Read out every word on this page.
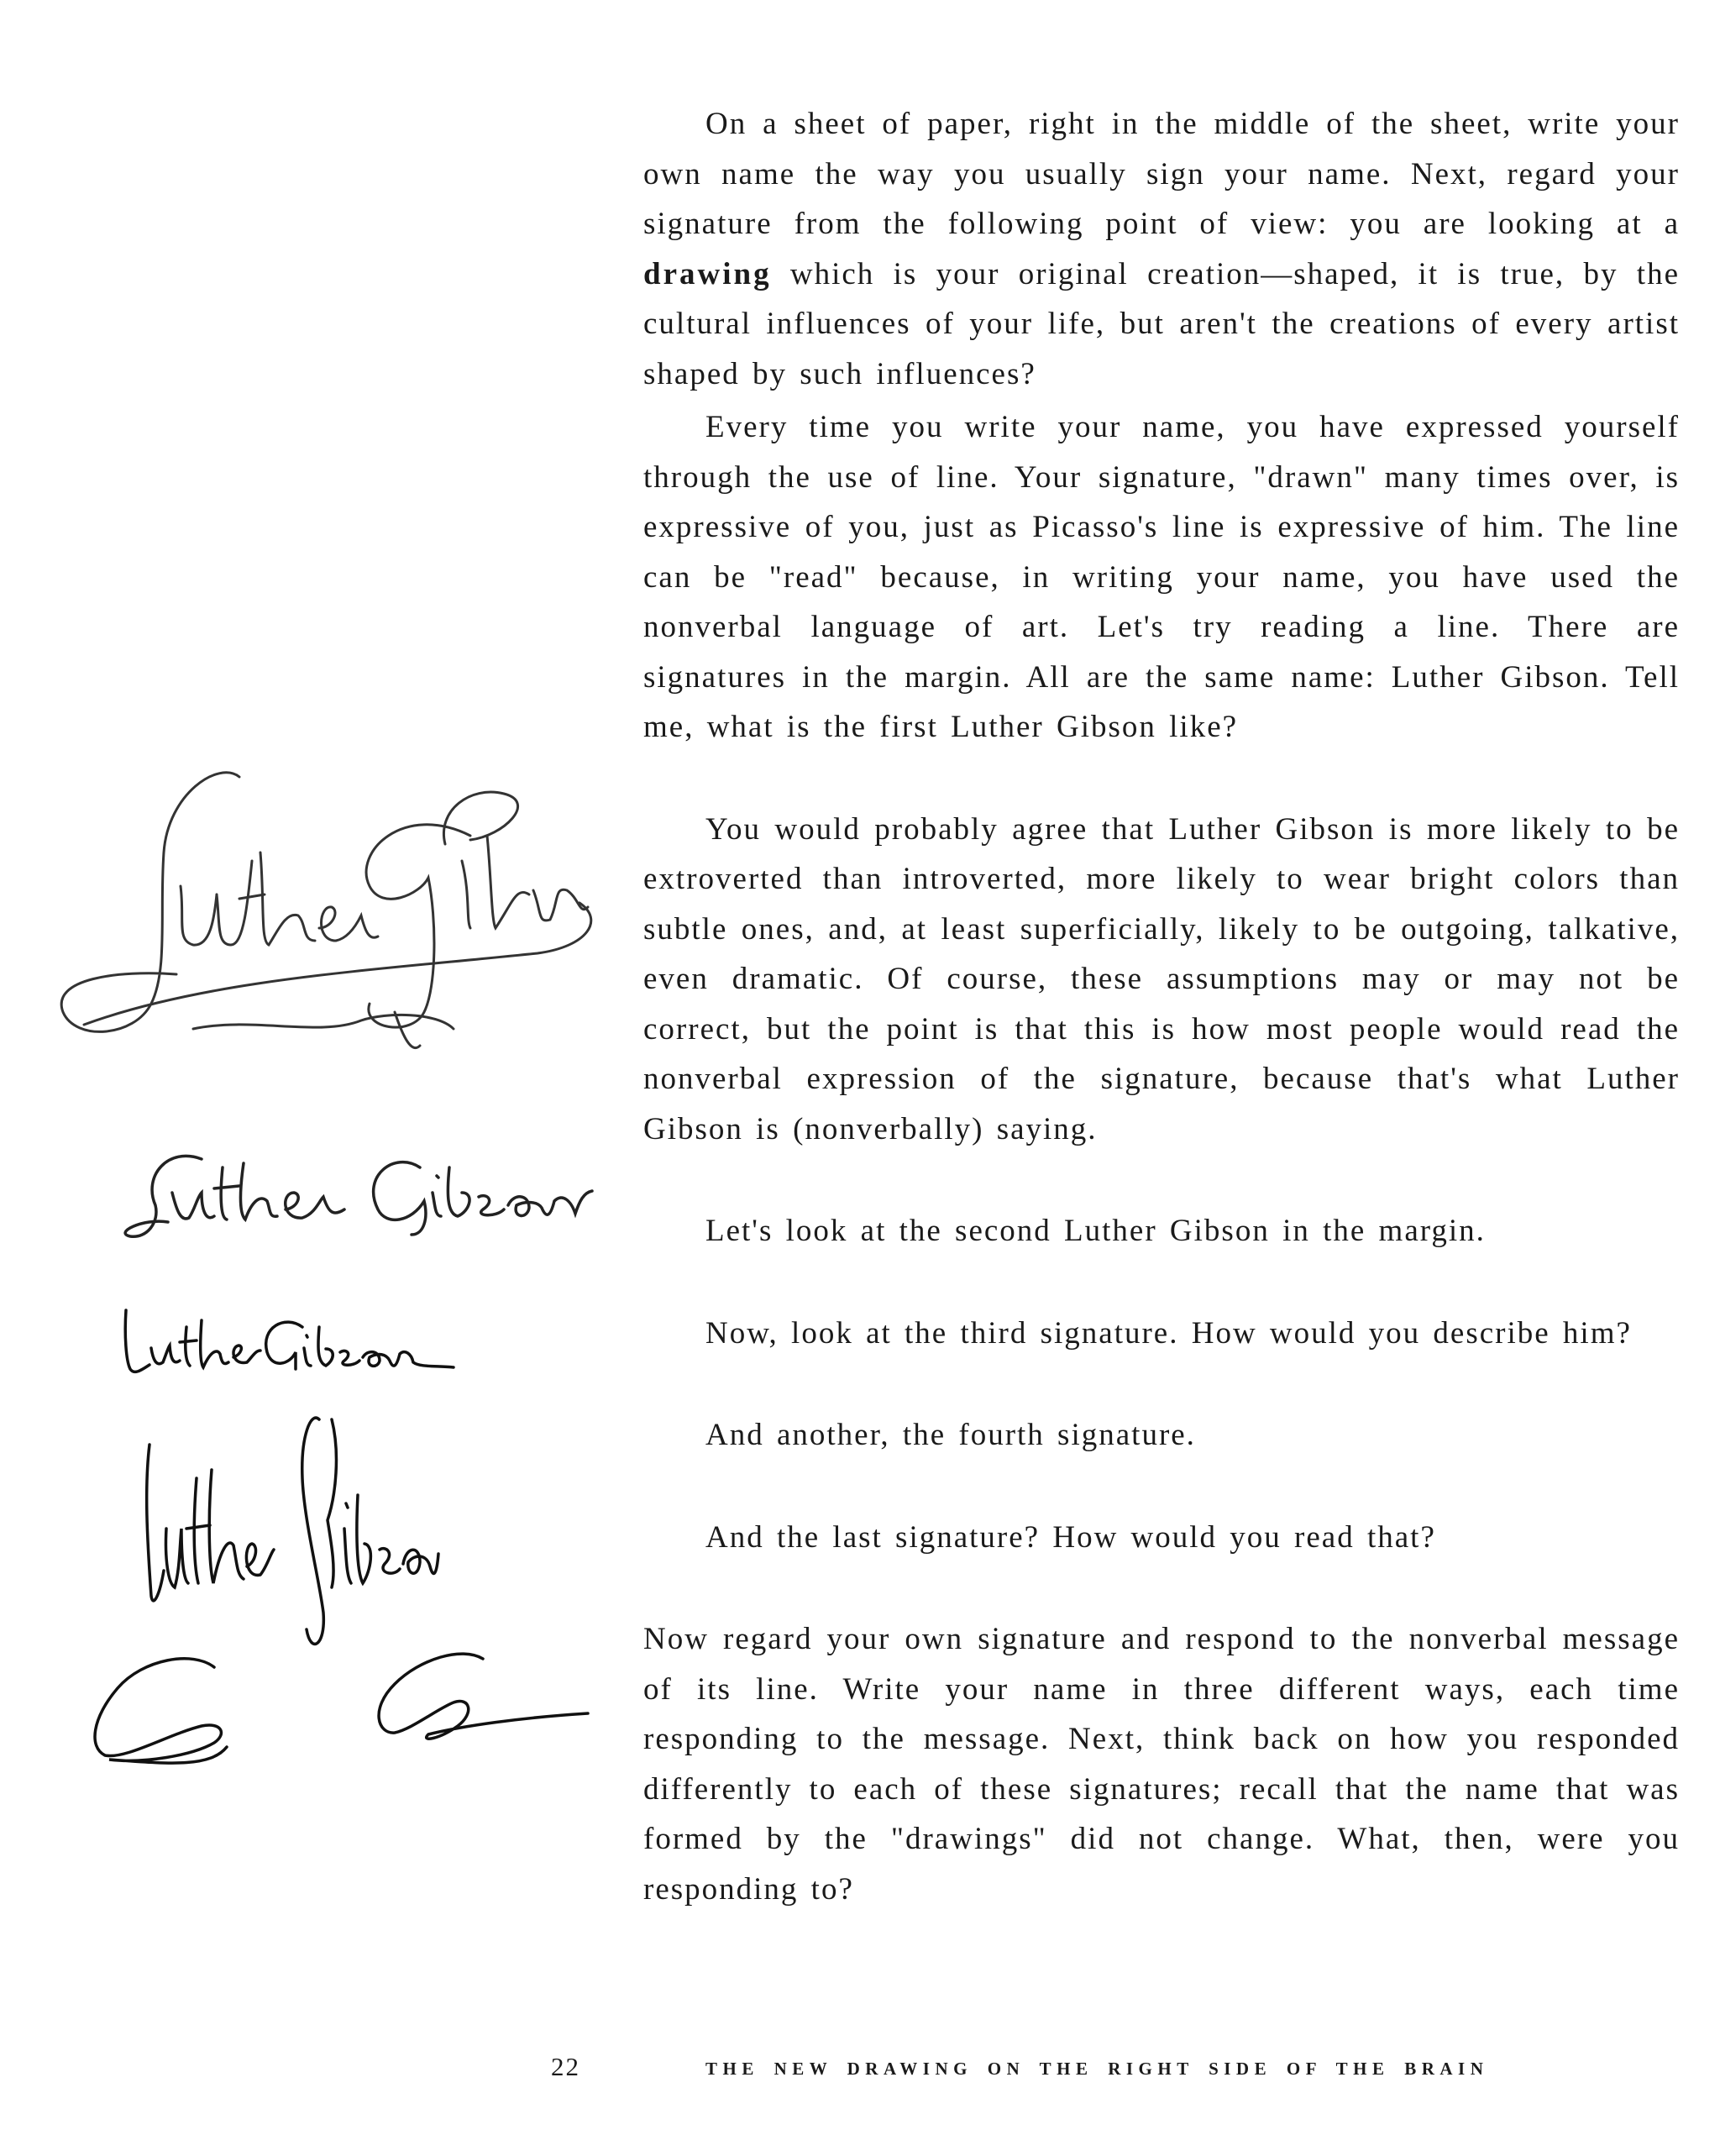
On a sheet of paper, right in the middle of the sheet, write your own name the way you usually sign your name. Next, regard your signature from the following point of view: you are looking at a drawing which is your original creation—shaped, it is true, by the cultural influences of your life, but aren't the creations of every artist shaped by such influences?

Every time you write your name, you have expressed yourself through the use of line. Your signature, "drawn" many times over, is expressive of you, just as Picasso's line is expressive of him. The line can be "read" because, in writing your name, you have used the nonverbal language of art. Let's try reading a line. There are signatures in the margin. All are the same name: Luther Gibson. Tell me, what is the first Luther Gibson like?

You would probably agree that Luther Gibson is more likely to be extroverted than introverted, more likely to wear bright colors than subtle ones, and, at least superficially, likely to be outgoing, talkative, even dramatic. Of course, these assumptions may or may not be correct, but the point is that this is how most people would read the nonverbal expression of the signature, because that's what Luther Gibson is (nonverbally) saying.

Let's look at the second Luther Gibson in the margin.

Now, look at the third signature. How would you describe him?

And another, the fourth signature.

And the last signature? How would you read that?

Now regard your own signature and respond to the nonverbal message of its line. Write your name in three different ways, each time responding to the message. Next, think back on how you responded differently to each of these signatures; recall that the name that was formed by the "drawings" did not change. What, then, were you responding to?

22	THE NEW DRAWING ON THE RIGHT SIDE OF THE BRAIN
